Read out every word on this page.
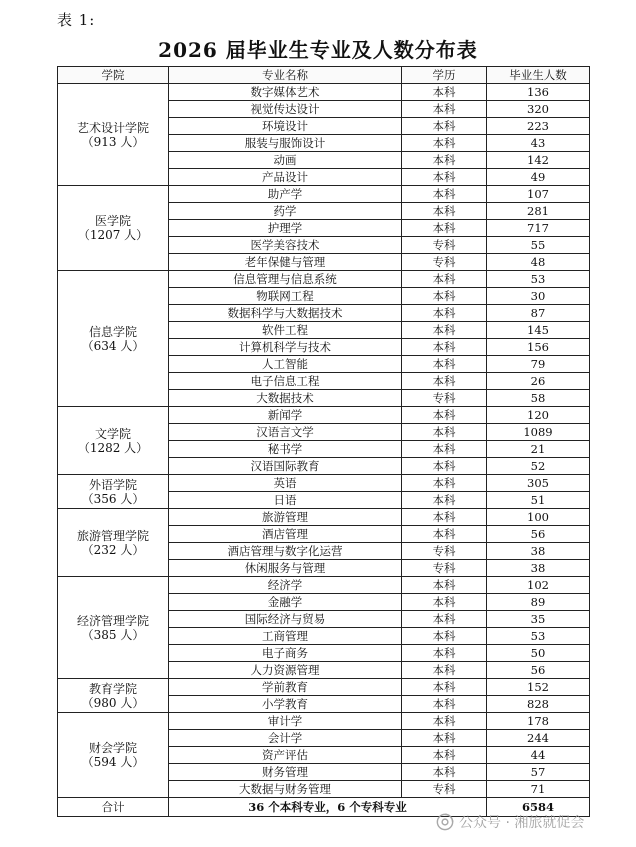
表 1:
2026 届毕业生专业及人数分布表
学院	专业名称	学历	毕业生人数

艺术设计学院
（913 人）	数字媒体艺术	本科	136
	视觉传达设计	本科	320
	环境设计	本科	223
	服装与服饰设计	本科	43
	动画	本科	142
	产品设计	本科	49

医学院
（1207 人）	助产学	本科	107
	药学	本科	281
	护理学	本科	717
	医学美容技术	专科	55
	老年保健与管理	专科	48

信息学院
（634 人）	信息管理与信息系统	本科	53
	物联网工程	本科	30
	数据科学与大数据技术	本科	87
	软件工程	本科	145
	计算机科学与技术	本科	156
	人工智能	本科	79
	电子信息工程	本科	26
	大数据技术	专科	58

文学院
（1282 人）	新闻学	本科	120
	汉语言文学	本科	1089
	秘书学	本科	21
	汉语国际教育	本科	52

外语学院
（356 人）	英语	本科	305
	日语	本科	51

旅游管理学院
（232 人）	旅游管理	本科	100
	酒店管理	本科	56
	酒店管理与数字化运营	专科	38
	休闲服务与管理	专科	38

经济管理学院
（385 人）	经济学	本科	102
	金融学	本科	89
	国际经济与贸易	本科	35
	工商管理	本科	53
	电子商务	本科	50
	人力资源管理	本科	56

教育学院
（980 人）	学前教育	本科	152
	小学教育	本科	828

财会学院
（594 人）	审计学	本科	178
	会计学	本科	244
	资产评估	本科	44
	财务管理	本科	57
	大数据与财务管理	专科	71
合计	36 个本科专业，6 个专科专业		6584
公众号 · 湘旅就促会
